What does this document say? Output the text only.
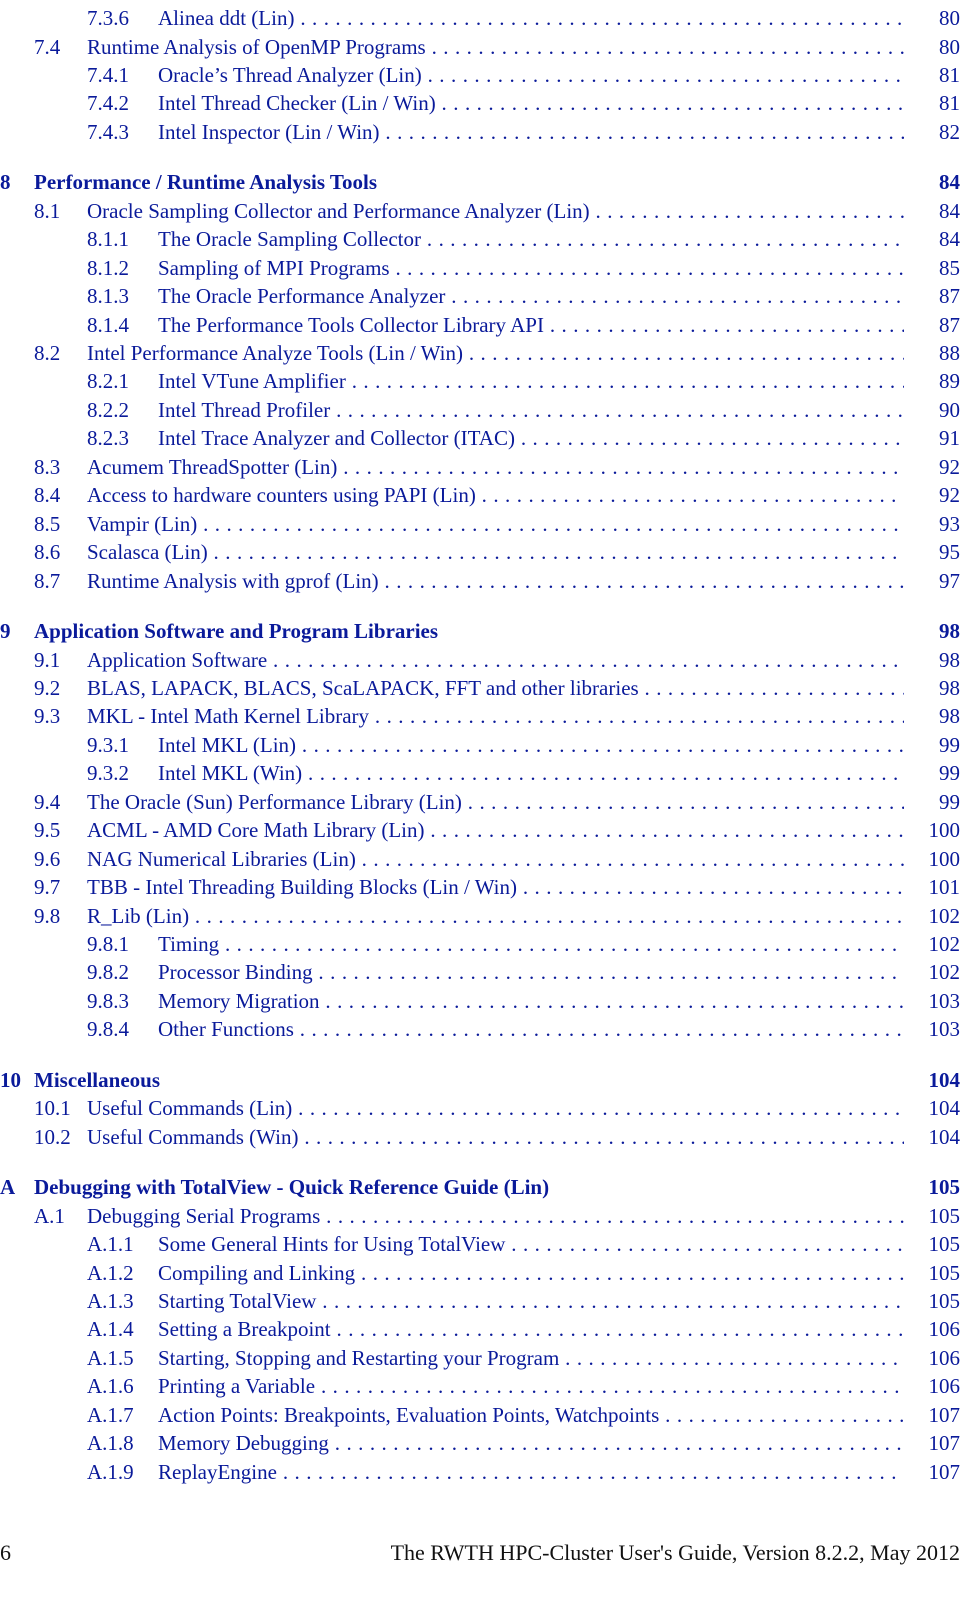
7.3.6 Alinea ddt (Lin) . . .	80
7.4 Runtime Analysis of OpenMP Programs . . .	80
7.4.1 Oracle’s Thread Analyzer (Lin) . . .	81
7.4.2 Intel Thread Checker (Lin / Win) . . .	81
7.4.3 Intel Inspector (Lin / Win) . . .	82
8 Performance / Runtime Analysis Tools	84
8.1 Oracle Sampling Collector and Performance Analyzer (Lin) . . .	84
8.1.1 The Oracle Sampling Collector . . .	84
8.1.2 Sampling of MPI Programs . . .	85
8.1.3 The Oracle Performance Analyzer . . .	87
8.1.4 The Performance Tools Collector Library API . . .	87
8.2 Intel Performance Analyze Tools (Lin / Win) . . .	88
8.2.1 Intel VTune Amplifier . . .	89
8.2.2 Intel Thread Profiler . . .	90
8.2.3 Intel Trace Analyzer and Collector (ITAC) . . .	91
8.3 Acumem ThreadSpotter (Lin) . . .	92
8.4 Access to hardware counters using PAPI (Lin) . . .	92
8.5 Vampir (Lin) . . .	93
8.6 Scalasca (Lin) . . .	95
8.7 Runtime Analysis with gprof (Lin) . . .	97
9 Application Software and Program Libraries	98
9.1 Application Software . . .	98
9.2 BLAS, LAPACK, BLACS, ScaLAPACK, FFT and other libraries . . .	98
9.3 MKL - Intel Math Kernel Library . . .	98
9.3.1 Intel MKL (Lin) . . .	99
9.3.2 Intel MKL (Win) . . .	99
9.4 The Oracle (Sun) Performance Library (Lin) . . .	99
9.5 ACML - AMD Core Math Library (Lin) . . .	100
9.6 NAG Numerical Libraries (Lin) . . .	100
9.7 TBB - Intel Threading Building Blocks (Lin / Win) . . .	101
9.8 R_Lib (Lin) . . .	102
9.8.1 Timing . . .	102
9.8.2 Processor Binding . . .	102
9.8.3 Memory Migration . . .	103
9.8.4 Other Functions . . .	103
10 Miscellaneous	104
10.1 Useful Commands (Lin) . . .	104
10.2 Useful Commands (Win) . . .	104
A Debugging with TotalView - Quick Reference Guide (Lin)	105
A.1 Debugging Serial Programs . . .	105
A.1.1 Some General Hints for Using TotalView . . .	105
A.1.2 Compiling and Linking . . .	105
A.1.3 Starting TotalView . . .	105
A.1.4 Setting a Breakpoint . . .	106
A.1.5 Starting, Stopping and Restarting your Program . . .	106
A.1.6 Printing a Variable . . .	106
A.1.7 Action Points: Breakpoints, Evaluation Points, Watchpoints . . .	107
A.1.8 Memory Debugging . . .	107
A.1.9 ReplayEngine . . .	107
6	The RWTH HPC-Cluster User's Guide, Version 8.2.2, May 2012
